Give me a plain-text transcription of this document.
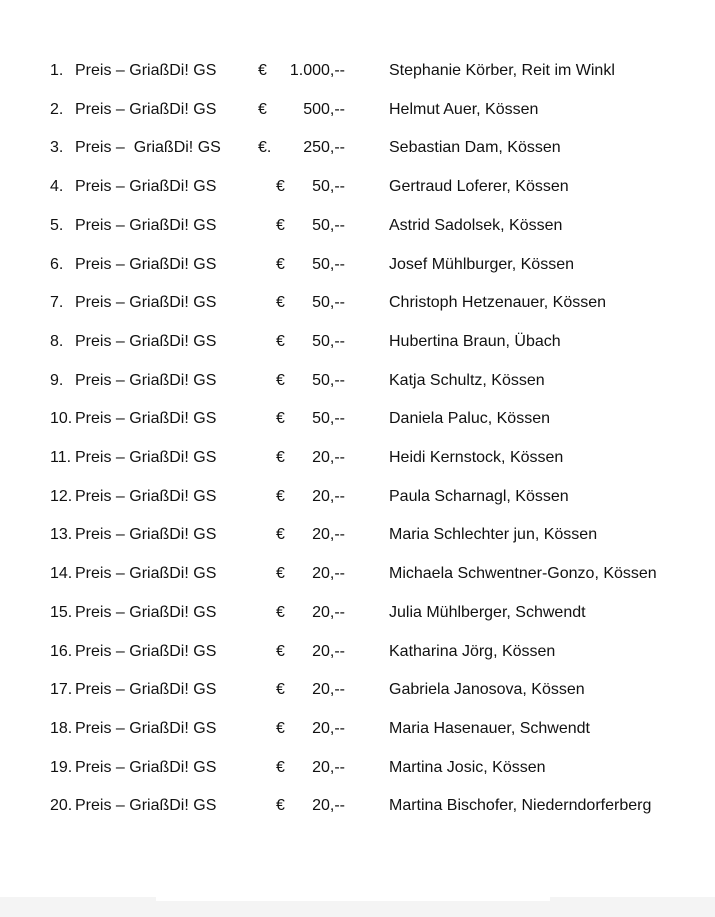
1. Preis – GriaßDi! GS	€	1.000,--	Stephanie Körber, Reit im Winkl
2. Preis – GriaßDi! GS	€	500,--	Helmut Auer, Kössen
3. Preis –  GriaßDi! GS €.	250,--	Sebastian Dam, Kössen
4. Preis – GriaßDi! GS	€	50,--	Gertraud Loferer, Kössen
5. Preis – GriaßDi! GS	€	50,--	Astrid Sadolsek, Kössen
6. Preis – GriaßDi! GS	€	50,--	Josef Mühlburger, Kössen
7. Preis – GriaßDi! GS	€	50,--	Christoph Hetzenauer, Kössen
8. Preis – GriaßDi! GS	€	50,--	Hubertina Braun, Übach
9. Preis – GriaßDi! GS	€	50,--	Katja Schultz, Kössen
10. Preis – GriaßDi! GS	€	50,--	Daniela Paluc, Kössen
11. Preis – GriaßDi! GS	€	20,--	Heidi Kernstock, Kössen
12. Preis – GriaßDi! GS	€	20,--	Paula Scharnagl, Kössen
13. Preis – GriaßDi! GS	€	20,--	Maria Schlechter jun, Kössen
14. Preis – GriaßDi! GS	€	20,--	Michaela Schwentner-Gonzo, Kössen
15. Preis – GriaßDi! GS	€	20,--	Julia Mühlberger, Schwendt
16. Preis – GriaßDi! GS	€	20,--	Katharina Jörg, Kössen
17. Preis – GriaßDi! GS	€	20,--	Gabriela Janosova, Kössen
18. Preis – GriaßDi! GS	€	20,--	Maria Hasenauer, Schwendt
19. Preis – GriaßDi! GS	€	20,--	Martina Josic, Kössen
20. Preis – GriaßDi! GS	€	20,--	Martina Bischofer, Niederndorferberg
